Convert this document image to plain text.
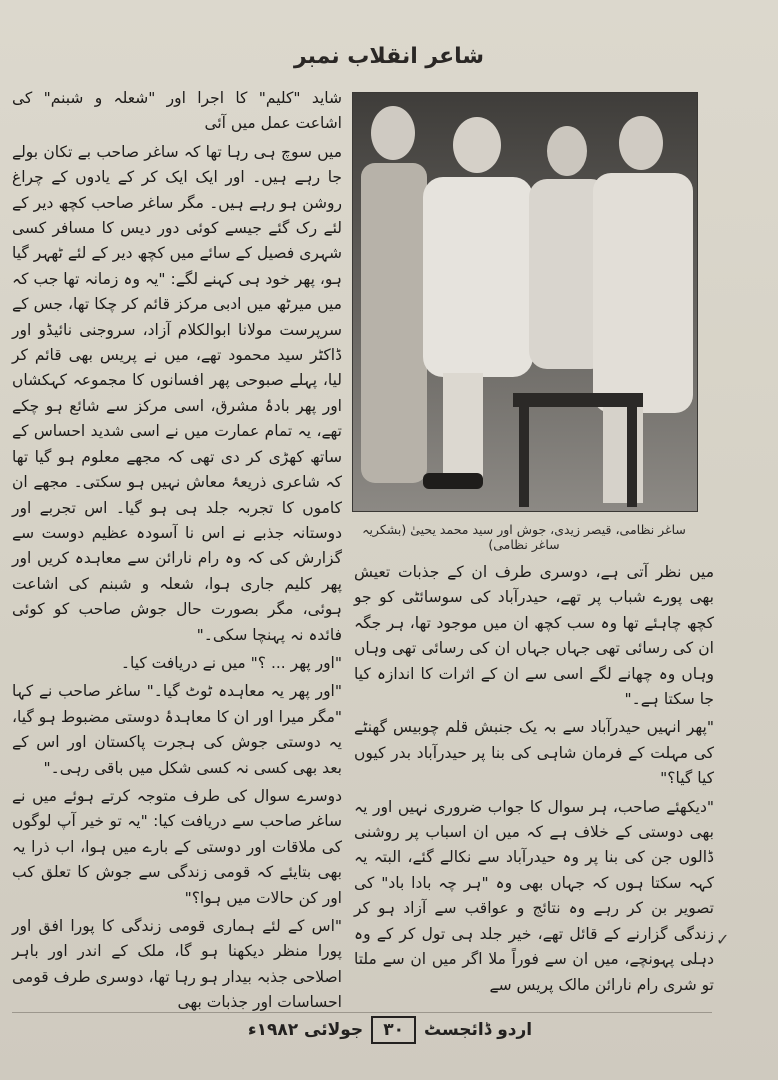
شاعر انقلاب نمبر

شاید "کلیم" کا اجرا اور "شعلہ و شبنم" کی اشاعت عمل میں آئی

میں سوچ ہی رہا تھا کہ ساغر صاحب بے تکان بولے جا رہے ہیں۔ اور ایک ایک کر کے یادوں کے چراغ روشن ہو رہے ہیں۔ مگر ساغر صاحب کچھ دیر کے لئے رک گئے جیسے کوئی دور دیس کا مسافر کسی شہری فصیل کے سائے میں کچھ دیر کے لئے ٹھہر گیا ہو، پھر خود ہی کہنے لگے: "یہ وہ زمانہ تھا جب کہ میں میرٹھ میں ادبی مرکز قائم کر چکا تھا، جس کے سرپرست مولانا ابوالکلام آزاد، سروجنی نائیڈو اور ڈاکٹر سید محمود تھے، میں نے پریس بھی قائم کر لیا، پہلے صبوحی پھر افسانوں کا مجموعہ کہکشاں اور پھر بادۂ مشرق، اسی مرکز سے شائع ہو چکے تھے، یہ تمام عمارت میں نے اسی شدید احساس کے ساتھ کھڑی کر دی تھی کہ مجھے معلوم ہو گیا تھا کہ شاعری ذریعۂ معاش نہیں ہو سکتی۔ مجھے ان کاموں کا تجربہ جلد ہی ہو گیا۔ اس تجربے اور دوستانہ جذبے نے اس نا آسودہ عظیم دوست سے گزارش کی کہ وہ رام نارائن سے معاہدہ کریں اور پھر کلیم جاری ہوا، شعلہ و شبنم کی اشاعت ہوئی، مگر بصورت حال جوش صاحب کو کوئی فائدہ نہ پہنچا سکی۔"

"اور پھر ... ؟" میں نے دریافت کیا۔

"اور پھر یہ معاہدہ ٹوٹ گیا۔" ساغر صاحب نے کہا "مگر میرا اور ان کا معاہدۂ دوستی مضبوط ہو گیا، یہ دوستی جوش کی ہجرت پاکستان اور اس کے بعد بھی کسی نہ کسی شکل میں باقی رہی۔"

دوسرے سوال کی طرف متوجہ کرتے ہوئے میں نے ساغر صاحب سے دریافت کیا: "یہ تو خیر آپ لوگوں کی ملاقات اور دوستی کے بارے میں ہوا، اب ذرا یہ بھی بتایئے کہ قومی زندگی سے جوش کا تعلق کب اور کن حالات میں ہوا؟"

"اس کے لئے ہماری قومی زندگی کا پورا افق اور پورا منظر دیکھنا ہو گا، ملک کے اندر اور باہر اصلاحی جذبہ بیدار ہو رہا تھا، دوسری طرف قومی احساسات اور جذبات بھی

ساغر نظامی، قیصر زیدی، جوش اور سید محمد یحییٰ (بشکریہ ساغر نظامی)

میں نظر آتی ہے، دوسری طرف ان کے جذبات تعیش بھی پورے شباب پر تھے، حیدرآباد کی سوسائٹی کو جو کچھ چاہئے تھا وہ سب کچھ ان میں موجود تھا، ہر جگہ ان کی رسائی تھی جہاں جہاں ان کی رسائی تھی وہاں وہاں وہ چھانے لگے اسی سے ان کے اثرات کا اندازہ کیا جا سکتا ہے۔"

"پھر انہیں حیدرآباد سے بہ یک جنبش قلم چوبیس گھنٹے کی مہلت کے فرمان شاہی کی بنا پر حیدرآباد بدر کیوں کیا گیا؟"

"دیکھئے صاحب، ہر سوال کا جواب ضروری نہیں اور یہ بھی دوستی کے خلاف ہے کہ میں ان اسباب پر روشنی ڈالوں جن کی بنا پر وہ حیدرآباد سے نکالے گئے، البتہ یہ کہہ سکتا ہوں کہ جہاں بھی وہ "ہر چہ بادا باد" کی تصویر بن کر رہے وہ نتائج و عواقب سے آزاد ہو کر زندگی گزارنے کے قائل تھے، خیر جلد ہی تول کر کے وہ دہلی پہونچے، میں ان سے فوراً ملا اگر میں ان سے ملتا تو شری رام نارائن مالک پریس سے

✓
اردو ڈائجسٹ
۳۰
جولائی ۱۹۸۲ء
